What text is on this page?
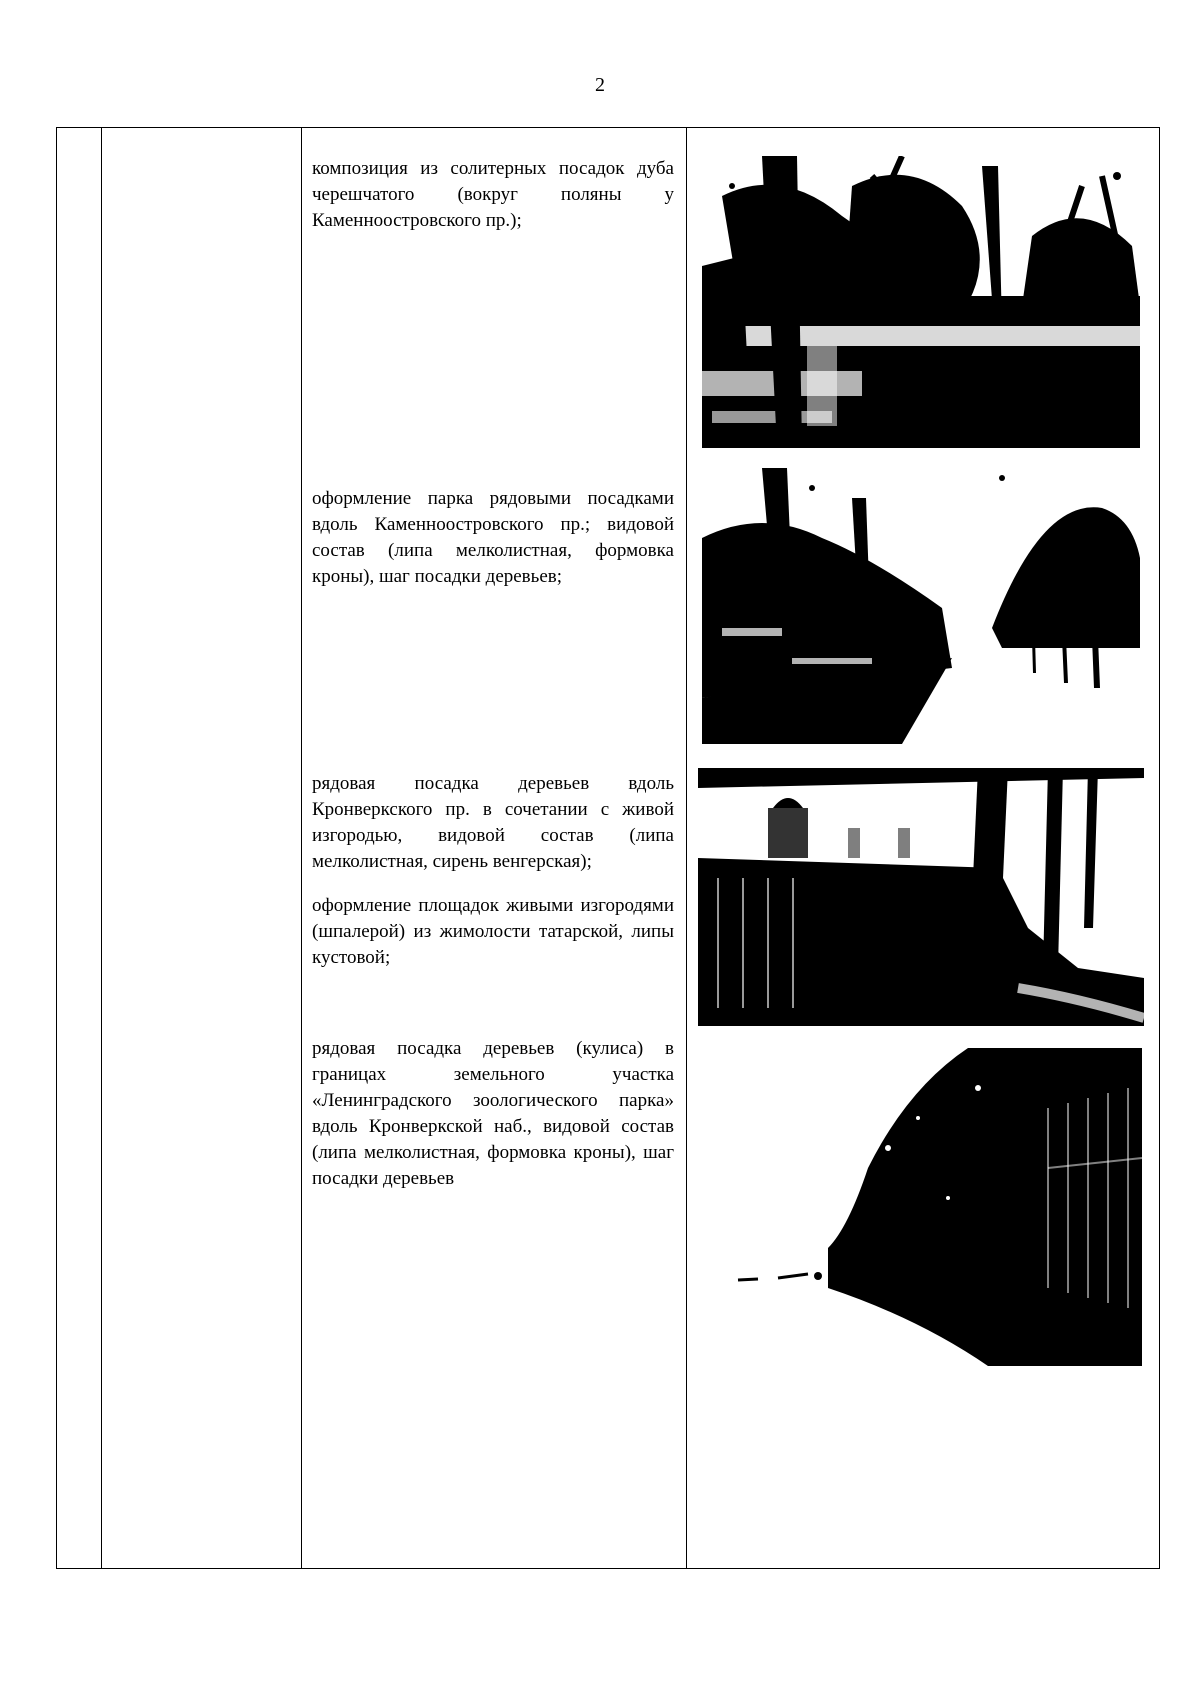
2
композиция из солитерных посадок дуба черешчатого (вокруг поляны у Каменноостровского пр.);
оформление парка рядовыми посадками вдоль Каменноостровского пр.; видовой состав (липа мелколистная, формовка кроны), шаг посадки деревьев;
рядовая посадка деревьев вдоль Кронверкского пр. в сочетании с живой изгородью, видовой состав (липа мелколистная, сирень венгерская);
оформление площадок живыми изгородями (шпалерой) из жимолости татарской, липы кустовой;
рядовая посадка деревьев (кулиса) в границах земельного участка «Ленинградского зоологического парка» вдоль Кронверкской наб., видовой состав (липа мелколистная, формовка кроны), шаг посадки деревьев
